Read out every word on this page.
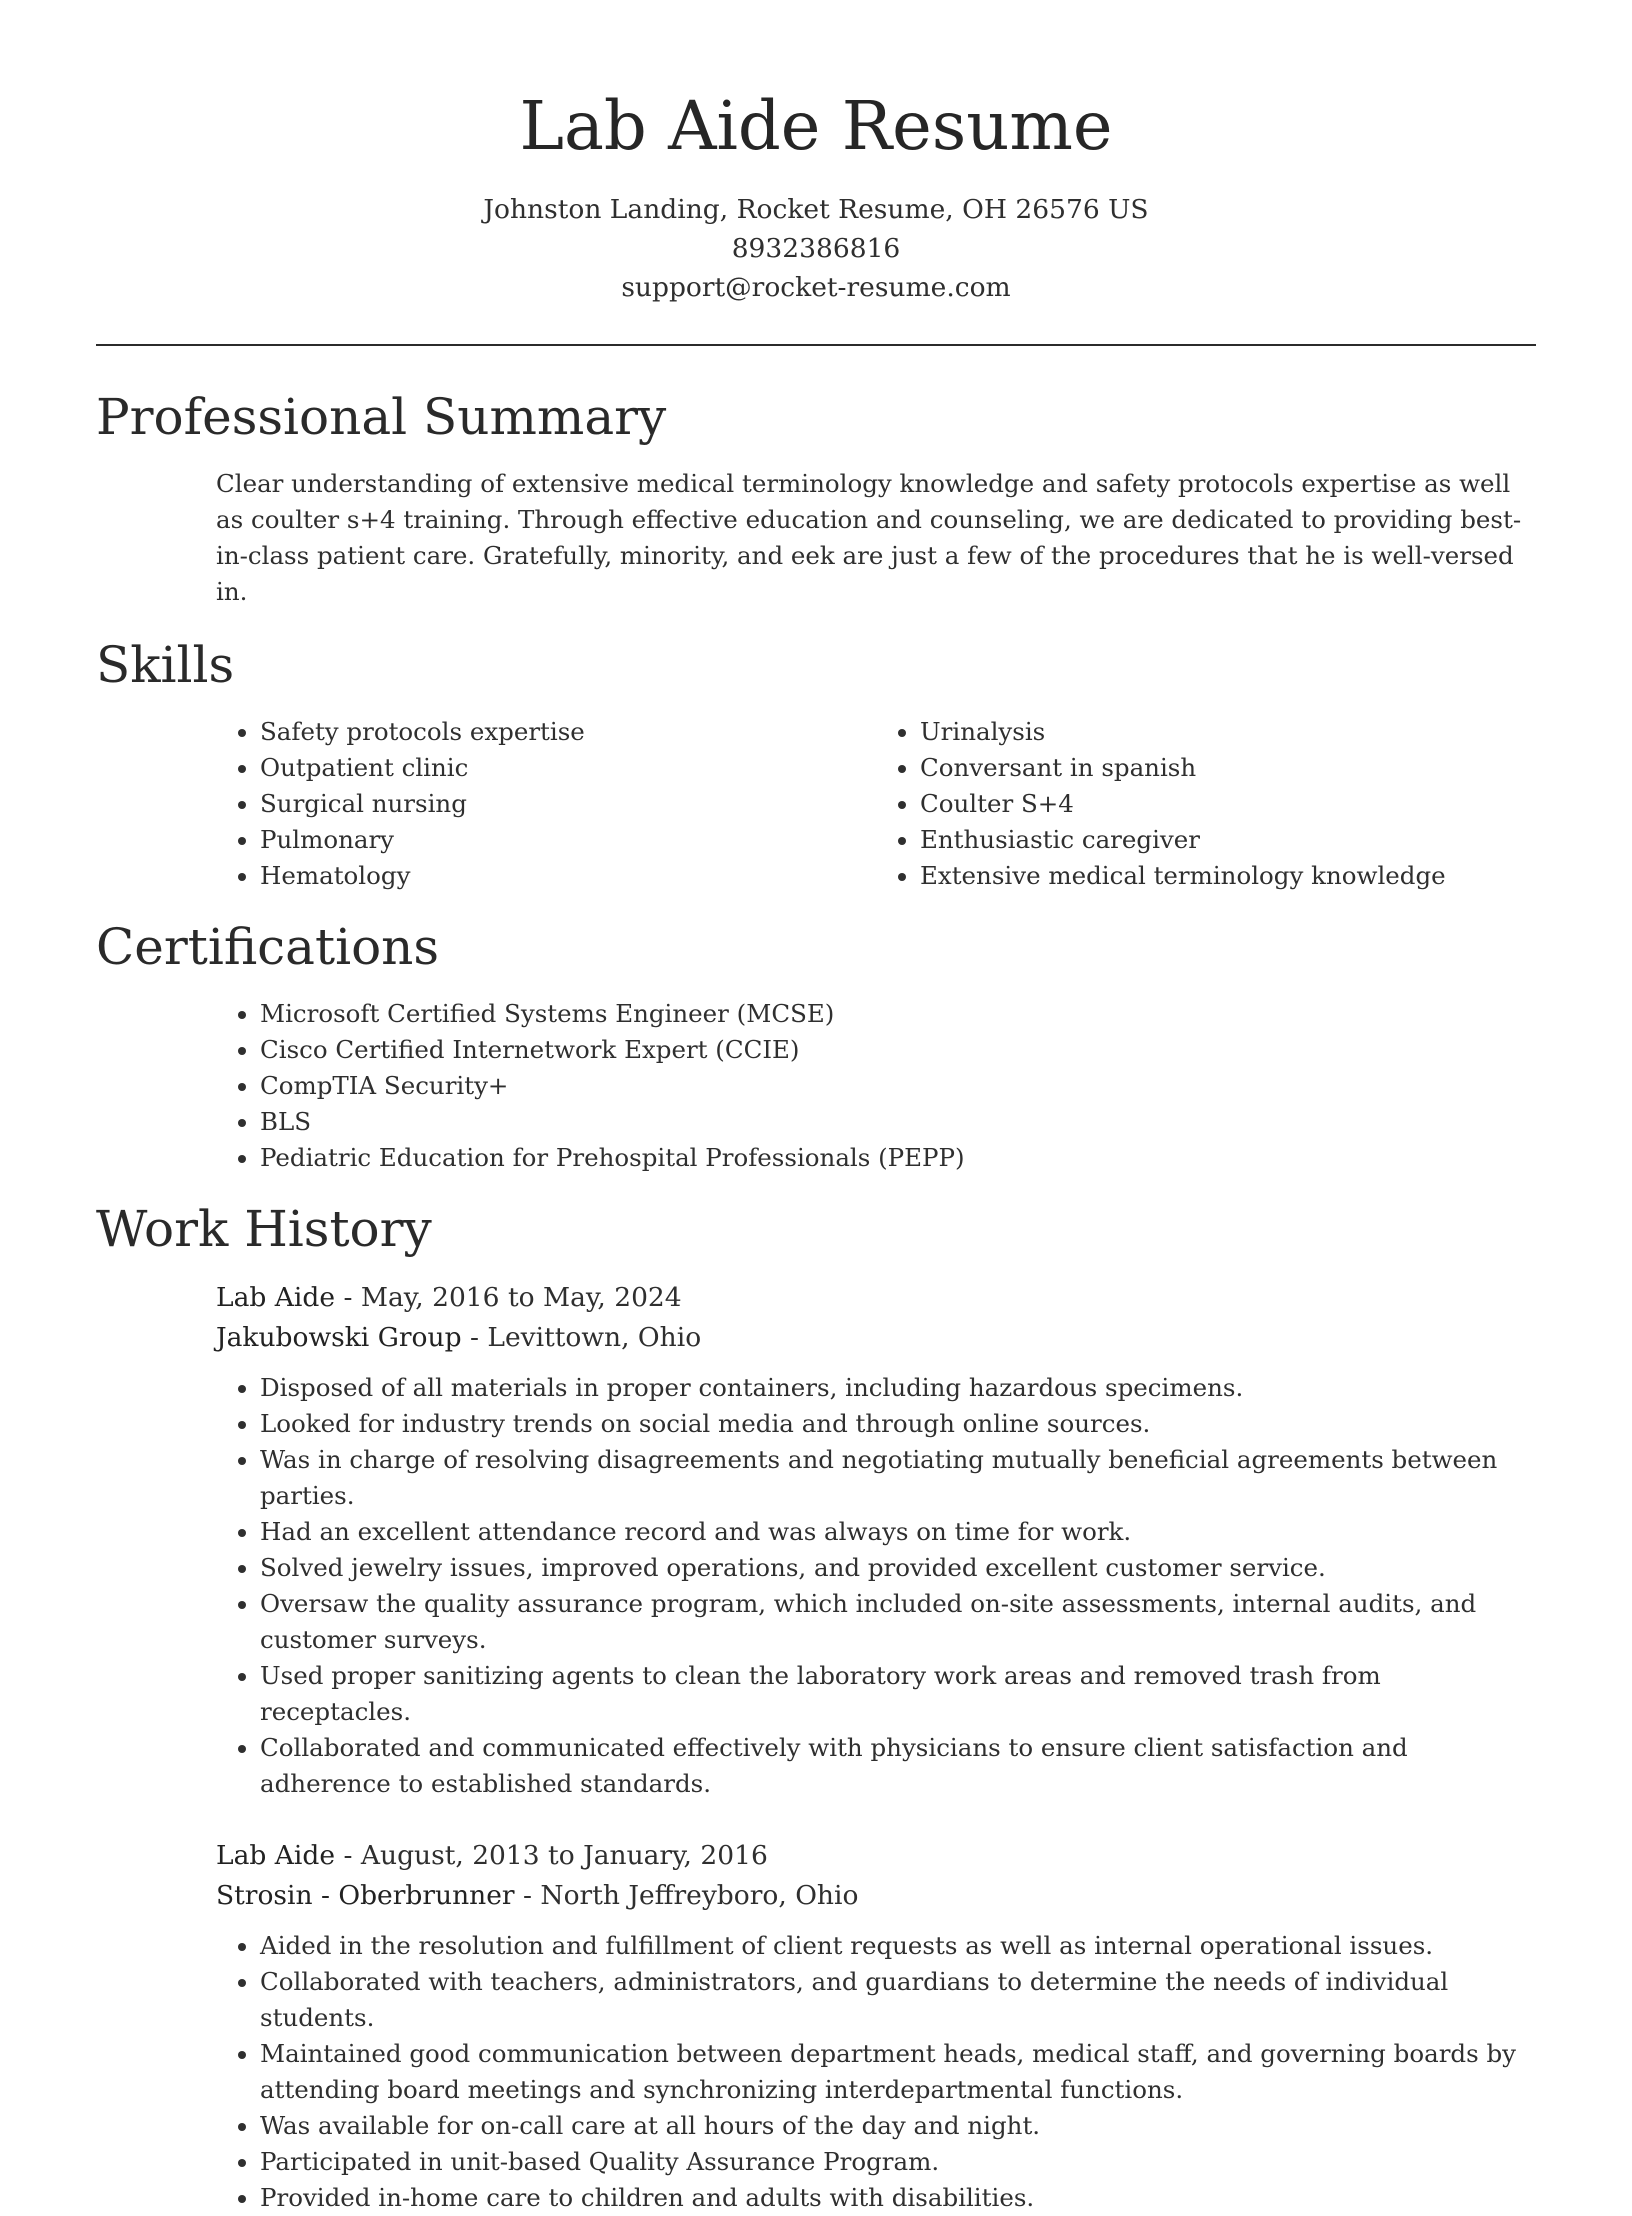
Lab Aide Resume
Johnston Landing, Rocket Resume, OH 26576 US
8932386816
support@rocket-resume.com
Professional Summary

Clear understanding of extensive medical terminology knowledge and safety protocols expertise as well as coulter s+4 training. Through effective education and counseling, we are dedicated to providing best-in-class patient care. Gratefully, minority, and eek are just a few of the procedures that he is well-versed in.

Skills
• Safety protocols expertise
• Outpatient clinic
• Surgical nursing
• Pulmonary
• Hematology
• Urinalysis
• Conversant in spanish
• Coulter S+4
• Enthusiastic caregiver
• Extensive medical terminology knowledge
Certifications
• Microsoft Certified Systems Engineer (MCSE)
• Cisco Certified Internetwork Expert (CCIE)
• CompTIA Security+
• BLS
• Pediatric Education for Prehospital Professionals (PEPP)
Work History
Lab Aide - May, 2016 to May, 2024
Jakubowski Group - Levittown, Ohio
• Disposed of all materials in proper containers, including hazardous specimens.
• Looked for industry trends on social media and through online sources.
• Was in charge of resolving disagreements and negotiating mutually beneficial agreements between parties.
• Had an excellent attendance record and was always on time for work.
• Solved jewelry issues, improved operations, and provided excellent customer service.
• Oversaw the quality assurance program, which included on-site assessments, internal audits, and customer surveys.
• Used proper sanitizing agents to clean the laboratory work areas and removed trash from receptacles.
• Collaborated and communicated effectively with physicians to ensure client satisfaction and adherence to established standards.
Lab Aide - August, 2013 to January, 2016
Strosin - Oberbrunner - North Jeffreyboro, Ohio
• Aided in the resolution and fulfillment of client requests as well as internal operational issues.
• Collaborated with teachers, administrators, and guardians to determine the needs of individual students.
• Maintained good communication between department heads, medical staff, and governing boards by attending board meetings and synchronizing interdepartmental functions.
• Was available for on-call care at all hours of the day and night.
• Participated in unit-based Quality Assurance Program.
• Provided in-home care to children and adults with disabilities.
